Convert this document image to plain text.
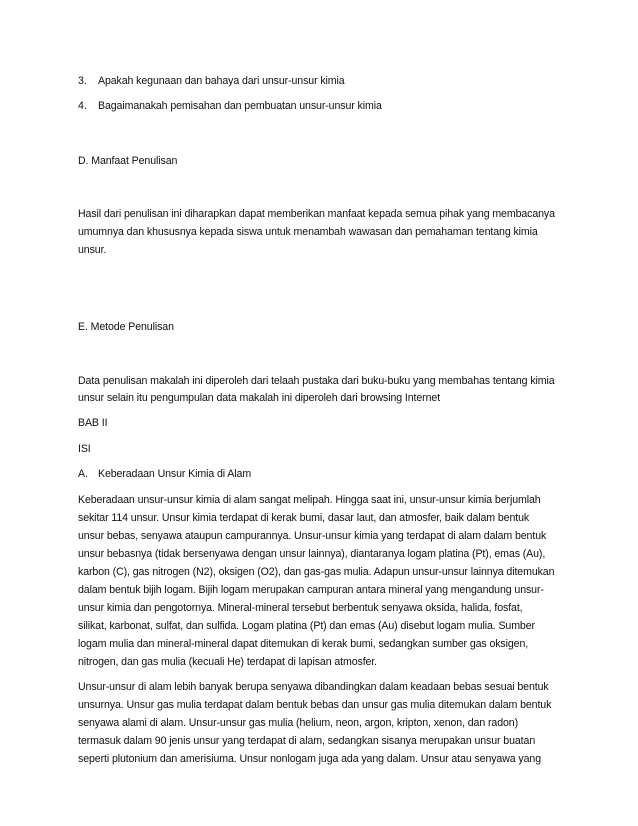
3. Apakah kegunaan dan bahaya dari unsur-unsur kimia
4. Bagaimanakah pemisahan dan pembuatan unsur-unsur kimia
D. Manfaat Penulisan
Hasil dari penulisan ini diharapkan dapat memberikan manfaat kepada semua pihak yang membacanya
umumnya dan khususnya kepada siswa untuk menambah wawasan dan pemahaman tentang kimia
unsur.
E. Metode Penulisan
Data penulisan makalah ini diperoleh dari telaah pustaka dari buku-buku yang membahas tentang kimia
unsur selain itu pengumpulan data makalah ini diperoleh dari browsing Internet
BAB II
ISI
A. Keberadaan Unsur Kimia di Alam
Keberadaan unsur-unsur kimia di alam sangat melipah. Hingga saat ini, unsur-unsur kimia berjumlah
sekitar 114 unsur. Unsur kimia terdapat di kerak bumi, dasar laut, dan atmosfer, baik dalam bentuk
unsur bebas, senyawa ataupun campurannya. Unsur-unsur kimia yang terdapat di alam dalam bentuk
unsur bebasnya (tidak bersenyawa dengan unsur lainnya), diantaranya logam platina (Pt), emas (Au),
karbon (C), gas nitrogen (N2), oksigen (O2), dan gas-gas mulia. Adapun unsur-unsur lainnya ditemukan
dalam bentuk bijih logam. Bijih logam merupakan campuran antara mineral yang mengandung unsur-
unsur kimia dan pengotornya. Mineral-mineral tersebut berbentuk senyawa oksida, halida, fosfat,
silikat, karbonat, sulfat, dan sulfida. Logam platina (Pt) dan emas (Au) disebut logam mulia. Sumber
logam mulia dan mineral-mineral dapat ditemukan di kerak bumi, sedangkan sumber gas oksigen,
nitrogen, dan gas mulia (kecuali He) terdapat di lapisan atmosfer.
Unsur-unsur di alam lebih banyak berupa senyawa dibandingkan dalam keadaan bebas sesuai bentuk
unsurnya. Unsur gas mulia terdapat dalam bentuk bebas dan unsur gas mulia ditemukan dalam bentuk
senyawa alami di alam. Unsur-unsur gas mulia (helium, neon, argon, kripton, xenon, dan radon)
termasuk dalam 90 jenis unsur yang terdapat di alam, sedangkan sisanya merupakan unsur buatan
seperti plutonium dan amerisiuma. Unsur nonlogam juga ada yang dalam. Unsur atau senyawa yang
